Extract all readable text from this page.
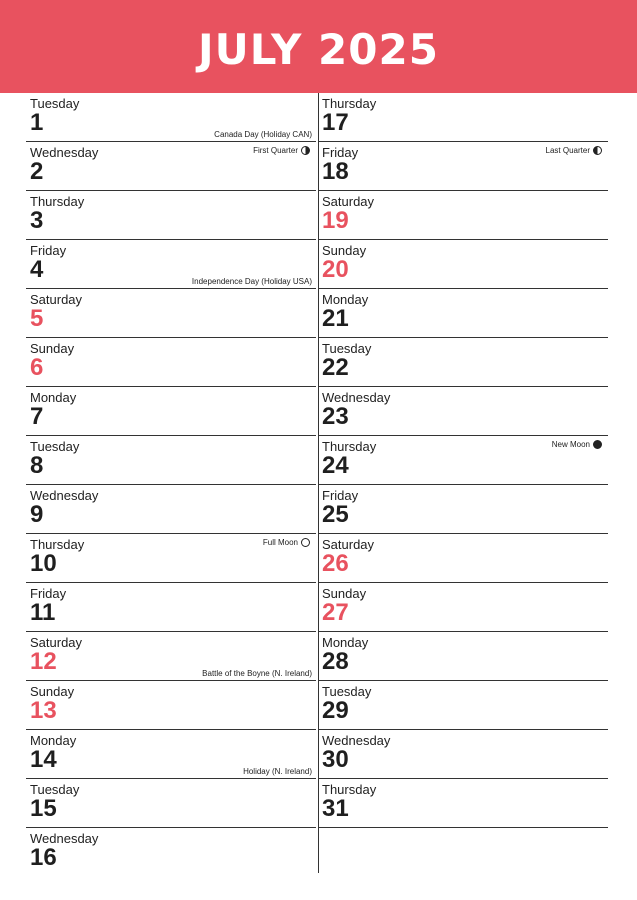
JULY 2025
Tuesday
1	Canada Day (Holiday CAN)
Wednesday
2
First Quarter
Thursday
3
Friday
4	Independence Day (Holiday USA)
Saturday
5
Sunday
6
Monday
7
Tuesday
8
Wednesday
9
Thursday
10
Full Moon
Friday
11
Saturday
12	Battle of the Boyne (N. Ireland)
Sunday
13
Monday
14	Holiday (N. Ireland)
Tuesday
15
Wednesday
16
Thursday
17
Friday
18
Last Quarter
Saturday
19
Sunday
20
Monday
21
Tuesday
22
Wednesday
23
Thursday
24
New Moon
Friday
25
Saturday
26
Sunday
27
Monday
28
Tuesday
29
Wednesday
30
Thursday
31
